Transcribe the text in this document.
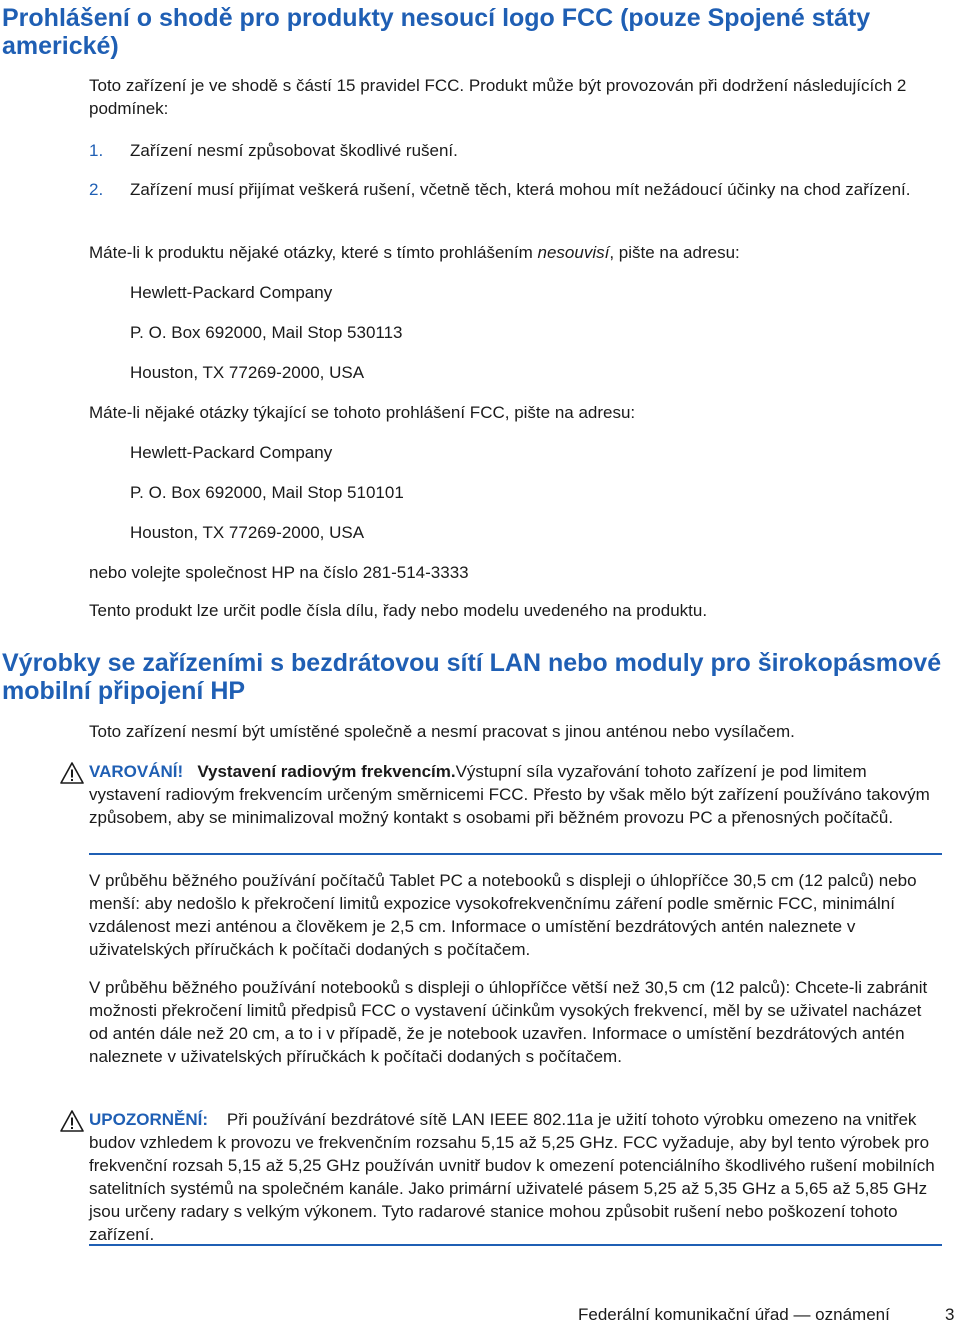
Prohlášení o shodě pro produkty nesoucí logo FCC (pouze Spojené státy americké)

Toto zařízení je ve shodě s částí 15 pravidel FCC. Produkt může být provozován při dodržení následujících 2 podmínek:

1. Zařízení nesmí způsobovat škodlivé rušení.

2. Zařízení musí přijímat veškerá rušení, včetně těch, která mohou mít nežádoucí účinky na chod zařízení.

Máte-li k produktu nějaké otázky, které s tímto prohlášením nesouvisí, pište na adresu:

Hewlett-Packard Company

P. O. Box 692000, Mail Stop 530113

Houston, TX 77269-2000, USA

Máte-li nějaké otázky týkající se tohoto prohlášení FCC, pište na adresu:

Hewlett-Packard Company

P. O. Box 692000, Mail Stop 510101

Houston, TX 77269-2000, USA

nebo volejte společnost HP na číslo 281-514-3333

Tento produkt lze určit podle čísla dílu, řady nebo modelu uvedeného na produktu.

Výrobky se zařízeními s bezdrátovou sítí LAN nebo moduly pro širokopásmové mobilní připojení HP

Toto zařízení nesmí být umístěné společně a nesmí pracovat s jinou anténou nebo vysílačem.

VAROVÁNÍ! Vystavení radiovým frekvencím.Výstupní síla vyzařování tohoto zařízení je pod limitem vystavení radiovým frekvencím určeným směrnicemi FCC. Přesto by však mělo být zařízení používáno takovým způsobem, aby se minimalizoval možný kontakt s osobami při běžném provozu PC a přenosných počítačů.

V průběhu běžného používání počítačů Tablet PC a notebooků s displeji o úhlopříčce 30,5 cm (12 palců) nebo menší: aby nedošlo k překročení limitů expozice vysokofrekvenčnímu záření podle směrnic FCC, minimální vzdálenost mezi anténou a člověkem je 2,5 cm. Informace o umístění bezdrátových antén naleznete v uživatelských příručkách k počítači dodaných s počítačem.

V průběhu běžného používání notebooků s displeji o úhlopříčce větší než 30,5 cm (12 palců): Chcete-li zabránit možnosti překročení limitů předpisů FCC o vystavení účinkům vysokých frekvencí, měl by se uživatel nacházet od antén dále než 20 cm, a to i v případě, že je notebook uzavřen. Informace o umístění bezdrátových antén naleznete v uživatelských příručkách k počítači dodaných s počítačem.

UPOZORNĚNÍ: Při používání bezdrátové sítě LAN IEEE 802.11a je užití tohoto výrobku omezeno na vnitřek budov vzhledem k provozu ve frekvenčním rozsahu 5,15 až 5,25 GHz. FCC vyžaduje, aby byl tento výrobek pro frekvenční rozsah 5,15 až 5,25 GHz používán uvnitř budov k omezení potenciálního škodlivého rušení mobilních satelitních systémů na společném kanále. Jako primární uživatelé pásem 5,25 až 5,35 GHz a 5,65 až 5,85 GHz jsou určeny radary s velkým výkonem. Tyto radarové stanice mohou způsobit rušení nebo poškození tohoto zařízení.

Federální komunikační úřad — oznámení	3
